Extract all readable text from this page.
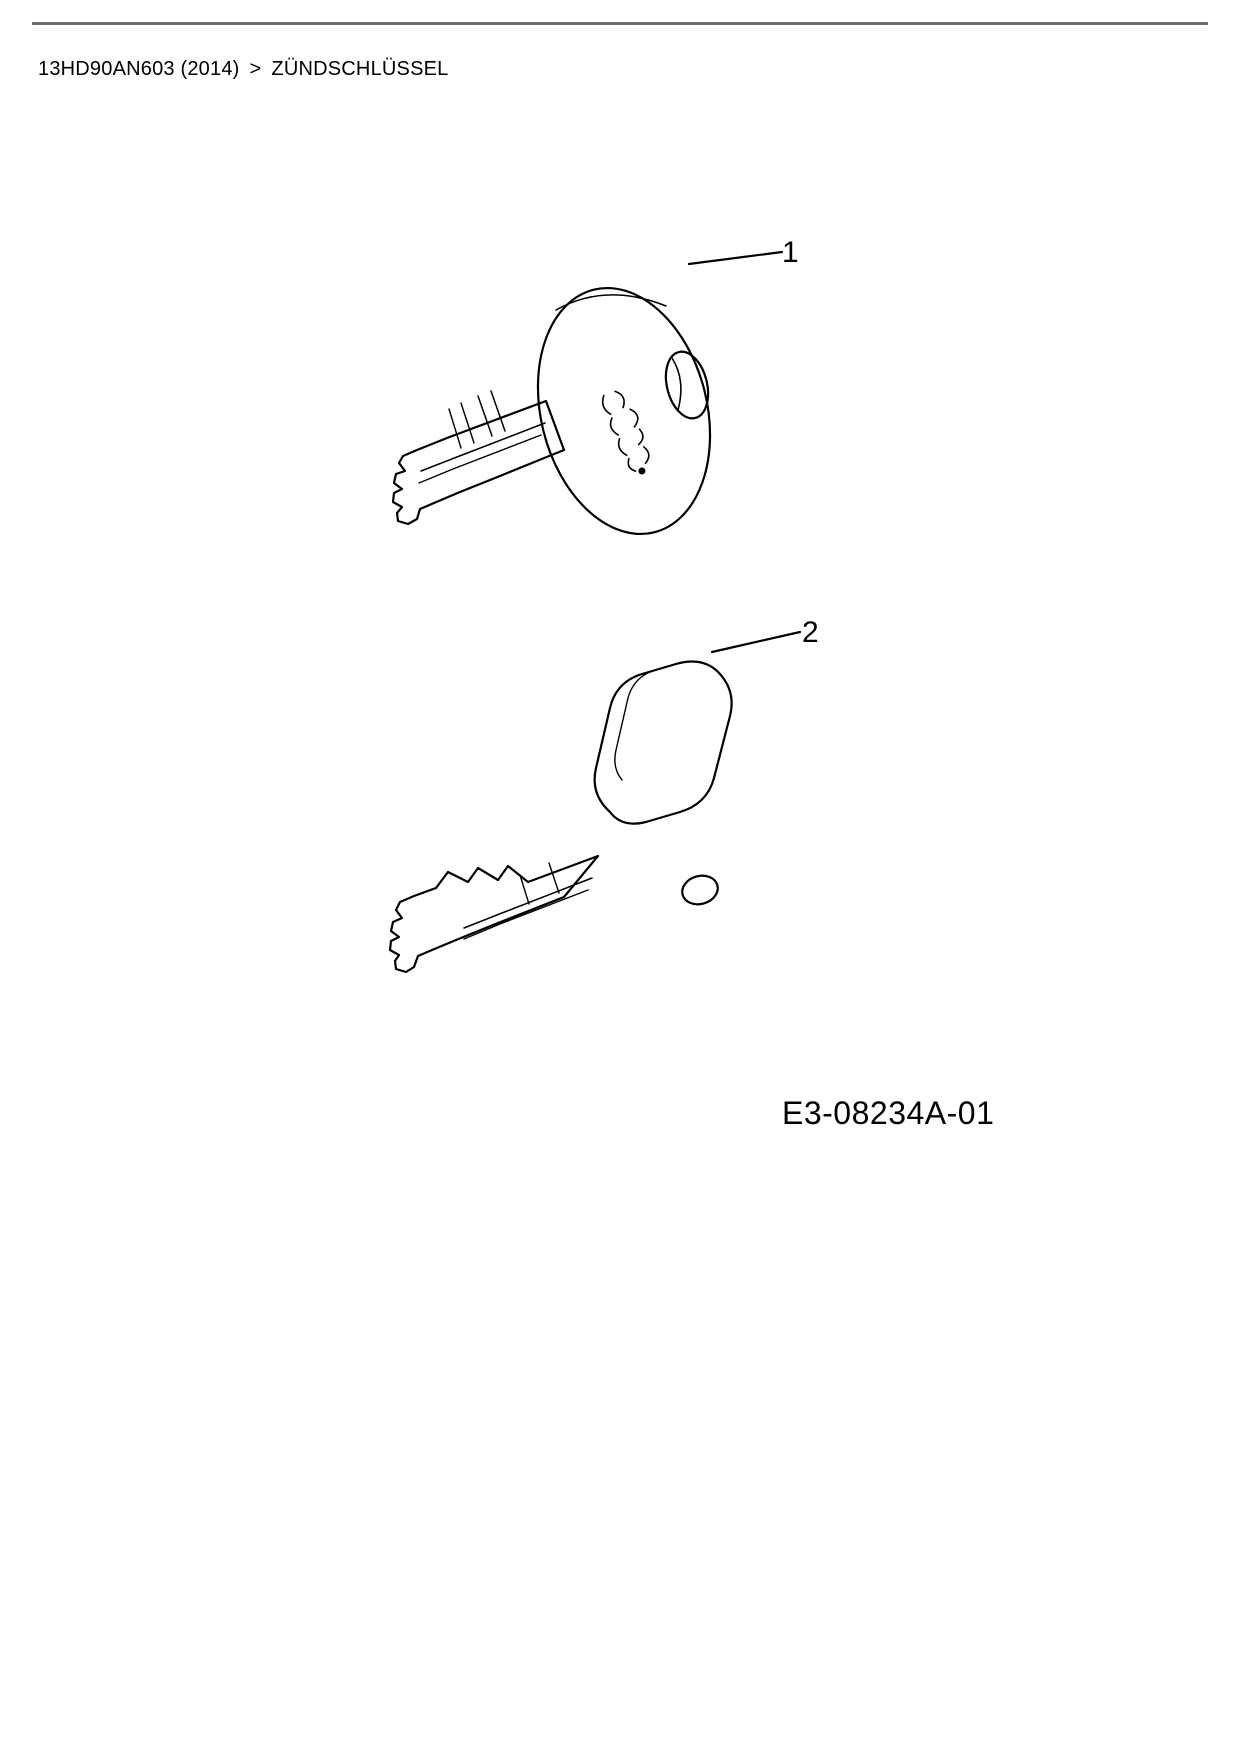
13HD90AN603 (2014) > ZÜNDSCHLÜSSEL
1
2
E3-08234A-01
